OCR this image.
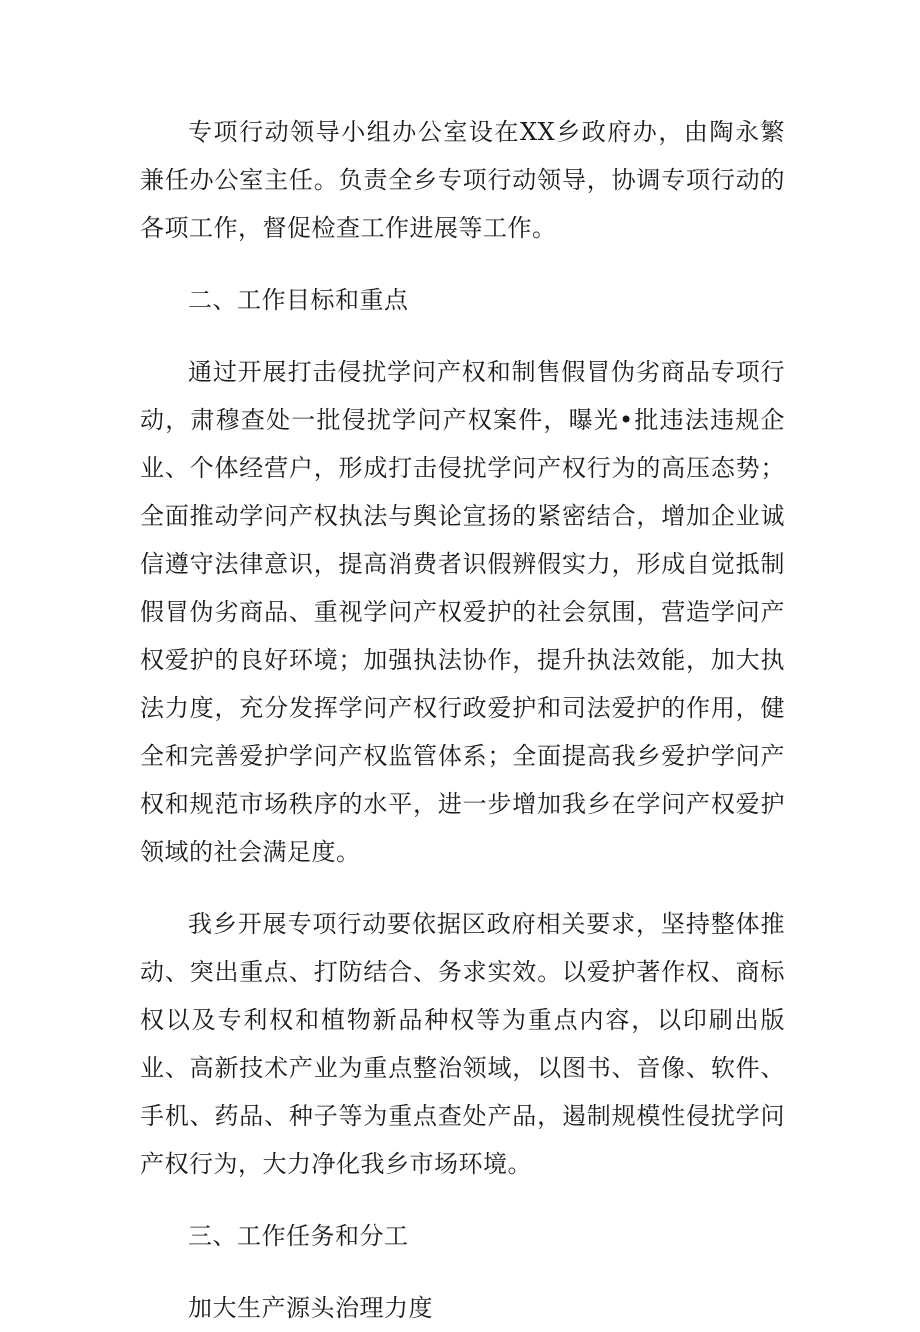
专项行动领导小组办公室设在XX乡政府办，由陶永繁兼任办公室主任。负责全乡专项行动领导，协调专项行动的各项工作，督促检查工作进展等工作。

二、工作目标和重点

通过开展打击侵扰学问产权和制售假冒伪劣商品专项行动，肃穆查处一批侵扰学问产权案件，曝光•批违法违规企业、个体经营户，形成打击侵扰学问产权行为的高压态势；全面推动学问产权执法与舆论宣扬的紧密结合，增加企业诚信遵守法律意识，提高消费者识假辨假实力，形成自觉抵制假冒伪劣商品、重视学问产权爱护的社会氛围，营造学问产权爱护的良好环境；加强执法协作，提升执法效能，加大执法力度，充分发挥学问产权行政爱护和司法爱护的作用，健全和完善爱护学问产权监管体系；全面提高我乡爱护学问产权和规范市场秩序的水平，进一步增加我乡在学问产权爱护领域的社会满足度。

我乡开展专项行动要依据区政府相关要求，坚持整体推动、突出重点、打防结合、务求实效。以爱护著作权、商标权以及专利权和植物新品种权等为重点内容，以印刷出版业、高新技术产业为重点整治领域，以图书、音像、软件、手机、药品、种子等为重点查处产品，遏制规模性侵扰学问产权行为，大力净化我乡市场环境。

三、工作任务和分工

加大生产源头治理力度
